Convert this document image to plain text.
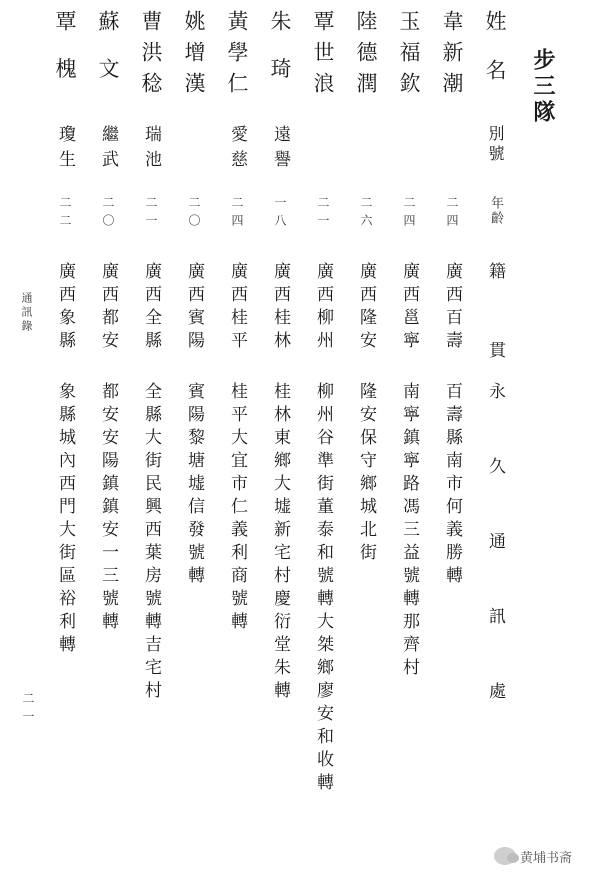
步三隊
姓名
別號
年齡
籍貫
永久通訊處
韋新潮
二四
廣西百壽
百壽縣南市何義勝轉
玉福欽
二四
廣西邕寧
南寧鎮寧路馮三益號轉那齊村
陸德潤
二六
廣西隆安
隆安保守鄉城北街
覃世浪
二一
廣西柳州
柳州谷準街董泰和號轉大桀鄉廖安和收轉
朱 琦
遠譽
一八
廣西桂林
桂林東鄉大墟新宅村慶衍堂朱轉
黃學仁
愛慈
二四
廣西桂平
桂平大宜市仁義利商號轉
姚增漢
二〇
廣西賓陽
賓陽黎塘墟信發號轉
曹洪稔
瑞池
二一
廣西全縣
全縣大街民興西葉房號轉吉宅村
蘇 文
繼武
二〇
廣西都安
都安安陽鎮鎮安一三號轉
覃 槐
瓊生
二二
廣西象縣
象縣城內西門大街區裕利轉
通訊錄
二一
黄埔书斋
